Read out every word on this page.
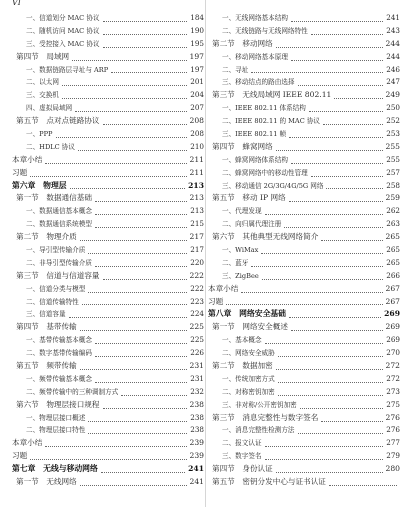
VI
一、信道划分 MAC 协议	184
二、随机访问 MAC 协议	190
三、受控接入 MAC 协议	195
第四节　局域网	197
一、数据链路层寻址与 ARP	197
二、以太网	201
三、交换机	204
四、虚拟局域网	207
第五节　点对点链路协议	208
一、PPP	208
二、HDLC 协议	210
本章小结	211
习题	211
第六章　物理层	213
第一节　数据通信基础	213
一、数据通信基本概念	213
二、数据通信系统模型	215
第二节　物理介质	217
一、导引型传输介质	217
二、非导引型传输介质	220
第三节　信道与信道容量	222
一、信道分类与模型	222
二、信道传输特性	223
三、信道容量	224
第四节　基带传输	225
一、基带传输基本概念	225
二、数字基带传输编码	226
第五节　频带传输	231
一、频带传输基本概念	231
二、频带传输中的三种调制方式	232
第六节　物理层接口规程	238
一、物理层接口概述	238
二、物理层接口特性	238
本章小结	239
习题	239
第七章　无线与移动网络	241
第一节　无线网络	241
一、无线网络基本结构	241
二、无线链路与无线网络特性	243
第二节　移动网络	244
一、移动网络基本原理	244
二、寻址	246
三、移动结点的路由选择	247
第三节　无线局域网 IEEE 802.11	249
一、IEEE 802.11 体系结构	250
二、IEEE 802.11 的 MAC 协议	252
三、IEEE 802.11 帧	253
第四节　蜂窝网络	255
一、蜂窝网络体系结构	255
二、蜂窝网络中的移动性管理	257
三、移动通信 2G/3G/4G/5G 网络	258
第五节　移动 IP 网络	259
一、代理发现	262
二、向归属代理注册	263
第六节　其他典型无线网络简介	265
一、WiMax	265
二、蓝牙	265
三、ZigBee	266
本章小结	267
习题	267
第八章　网络安全基础	269
第一节　网络安全概述	269
一、基本概念	269
二、网络安全威胁	270
第二节　数据加密	272
一、传统加密方式	272
二、对称密钥加密	273
三、非对称/公开密钥加密	275
第三节　消息完整性与数字签名	276
一、消息完整性检测方法	276
二、报文认证	277
三、数字签名	279
第四节　身份认证	280
第五节　密钥分发中心与证书认证
